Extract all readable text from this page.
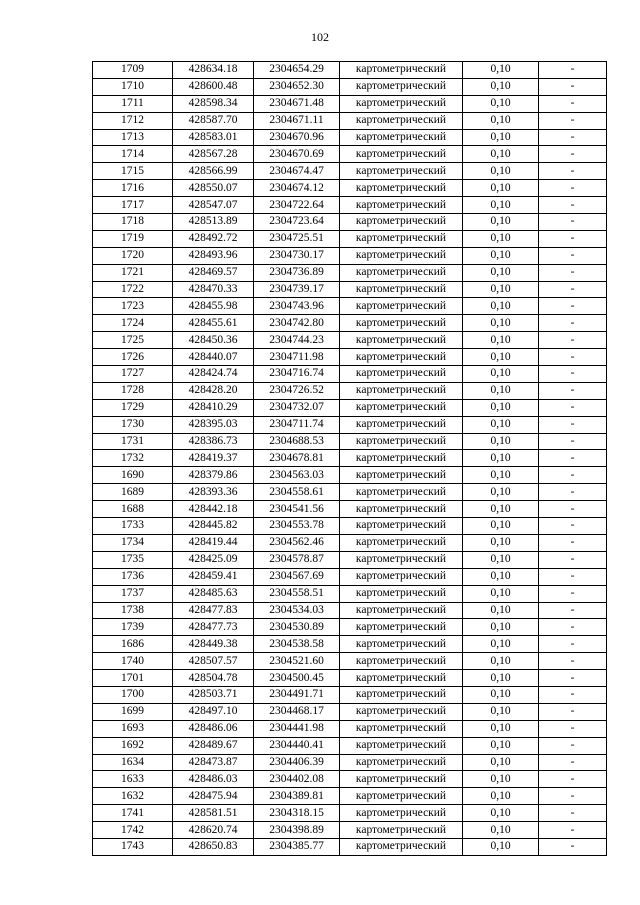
102
1709	428634.18	2304654.29	картометрический	0,10	-
1710	428600.48	2304652.30	картометрический	0,10	-
1711	428598.34	2304671.48	картометрический	0,10	-
1712	428587.70	2304671.11	картометрический	0,10	-
1713	428583.01	2304670.96	картометрический	0,10	-
1714	428567.28	2304670.69	картометрический	0,10	-
1715	428566.99	2304674.47	картометрический	0,10	-
1716	428550.07	2304674.12	картометрический	0,10	-
1717	428547.07	2304722.64	картометрический	0,10	-
1718	428513.89	2304723.64	картометрический	0,10	-
1719	428492.72	2304725.51	картометрический	0,10	-
1720	428493.96	2304730.17	картометрический	0,10	-
1721	428469.57	2304736.89	картометрический	0,10	-
1722	428470.33	2304739.17	картометрический	0,10	-
1723	428455.98	2304743.96	картометрический	0,10	-
1724	428455.61	2304742.80	картометрический	0,10	-
1725	428450.36	2304744.23	картометрический	0,10	-
1726	428440.07	2304711.98	картометрический	0,10	-
1727	428424.74	2304716.74	картометрический	0,10	-
1728	428428.20	2304726.52	картометрический	0,10	-
1729	428410.29	2304732.07	картометрический	0,10	-
1730	428395.03	2304711.74	картометрический	0,10	-
1731	428386.73	2304688.53	картометрический	0,10	-
1732	428419.37	2304678.81	картометрический	0,10	-
1690	428379.86	2304563.03	картометрический	0,10	-
1689	428393.36	2304558.61	картометрический	0,10	-
1688	428442.18	2304541.56	картометрический	0,10	-
1733	428445.82	2304553.78	картометрический	0,10	-
1734	428419.44	2304562.46	картометрический	0,10	-
1735	428425.09	2304578.87	картометрический	0,10	-
1736	428459.41	2304567.69	картометрический	0,10	-
1737	428485.63	2304558.51	картометрический	0,10	-
1738	428477.83	2304534.03	картометрический	0,10	-
1739	428477.73	2304530.89	картометрический	0,10	-
1686	428449.38	2304538.58	картометрический	0,10	-
1740	428507.57	2304521.60	картометрический	0,10	-
1701	428504.78	2304500.45	картометрический	0,10	-
1700	428503.71	2304491.71	картометрический	0,10	-
1699	428497.10	2304468.17	картометрический	0,10	-
1693	428486.06	2304441.98	картометрический	0,10	-
1692	428489.67	2304440.41	картометрический	0,10	-
1634	428473.87	2304406.39	картометрический	0,10	-
1633	428486.03	2304402.08	картометрический	0,10	-
1632	428475.94	2304389.81	картометрический	0,10	-
1741	428581.51	2304318.15	картометрический	0,10	-
1742	428620.74	2304398.89	картометрический	0,10	-
1743	428650.83	2304385.77	картометрический	0,10	-
